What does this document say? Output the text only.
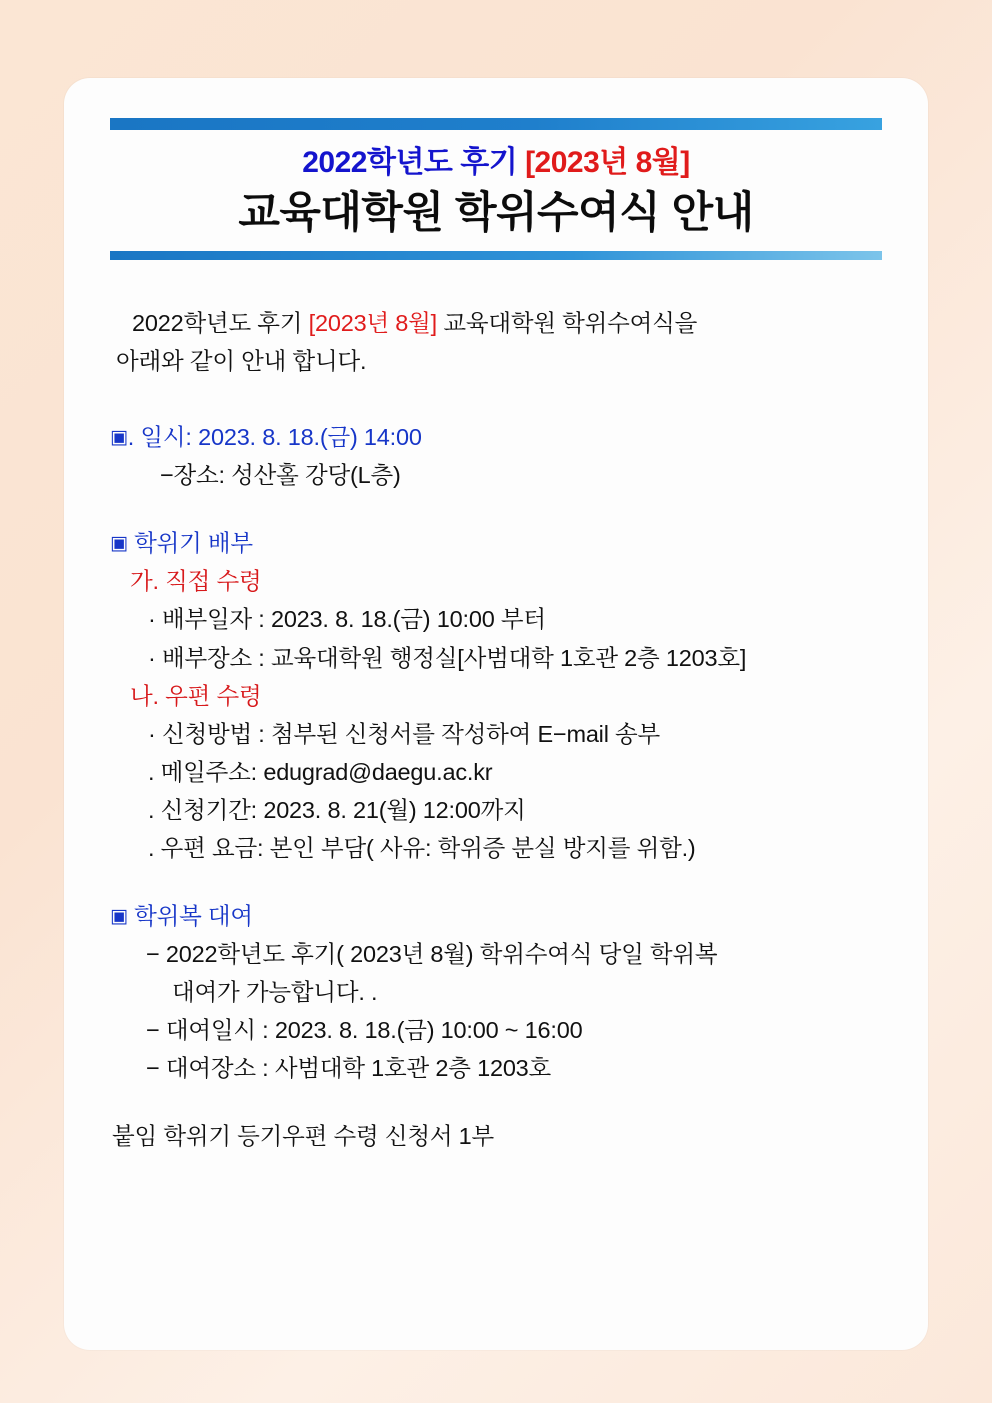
2022학년도 후기 [2023년 8월]
교육대학원 학위수여식 안내

2022학년도 후기 [2023년 8월] 교육대학원 학위수여식을
아래와 같이 안내 합니다.

▣. 일시: 2023. 8. 18.(금) 14:00
−장소: 성산홀 강당(L층)
▣ 학위기 배부
가. 직접 수령
· 배부일자 : 2023. 8. 18.(금) 10:00 부터
· 배부장소 : 교육대학원 행정실[사범대학 1호관 2층 1203호]
나. 우편 수령
· 신청방법 : 첨부된 신청서를 작성하여 E−mail 송부
. 메일주소: edugrad@daegu.ac.kr
. 신청기간: 2023. 8. 21(월) 12:00까지
. 우편 요금: 본인 부담( 사유: 학위증 분실 방지를 위함.)
▣ 학위복 대여
− 2022학년도 후기( 2023년 8월) 학위수여식 당일 학위복
대여가 가능합니다. .
− 대여일시 : 2023. 8. 18.(금) 10:00 ~ 16:00
− 대여장소 : 사범대학 1호관 2층 1203호
붙임 학위기 등기우편 수령 신청서 1부
